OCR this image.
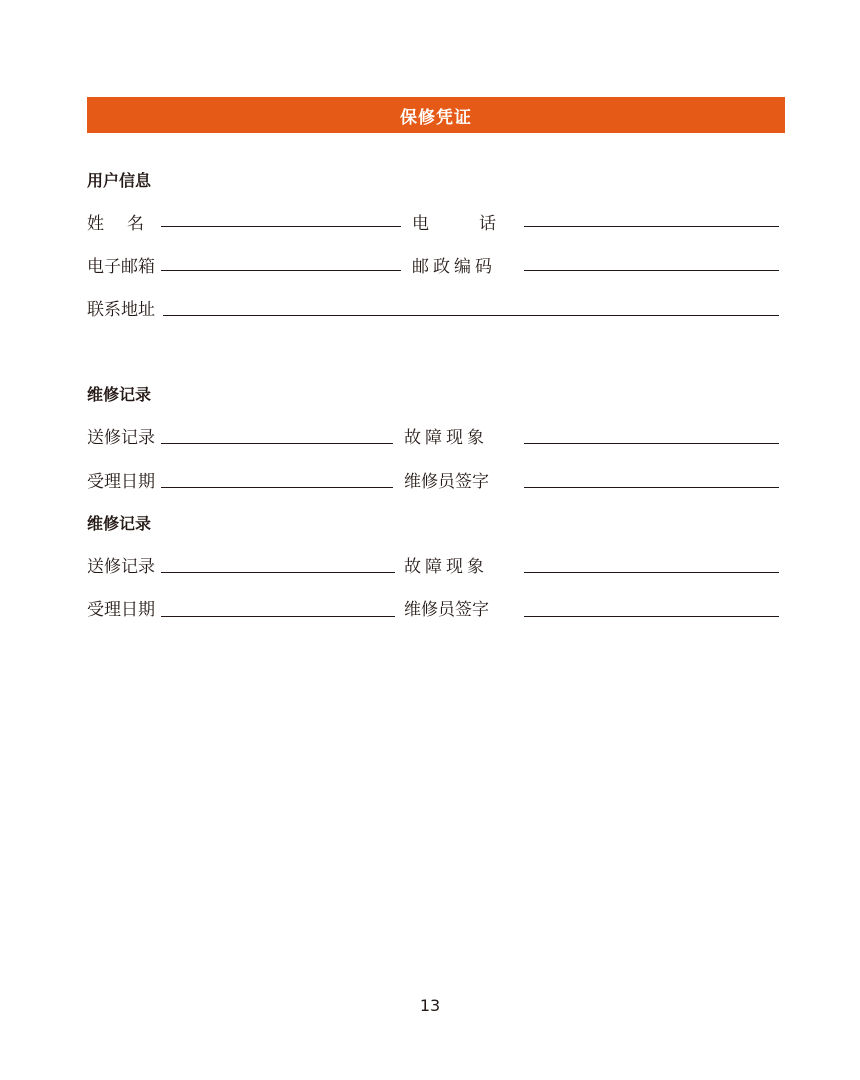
保修凭证
用户信息
姓名	电话
电子邮箱	邮政编码
联系地址
维修记录
送修记录	故障现象
受理日期	维修员签字
维修记录
送修记录	故障现象
受理日期	维修员签字
13
